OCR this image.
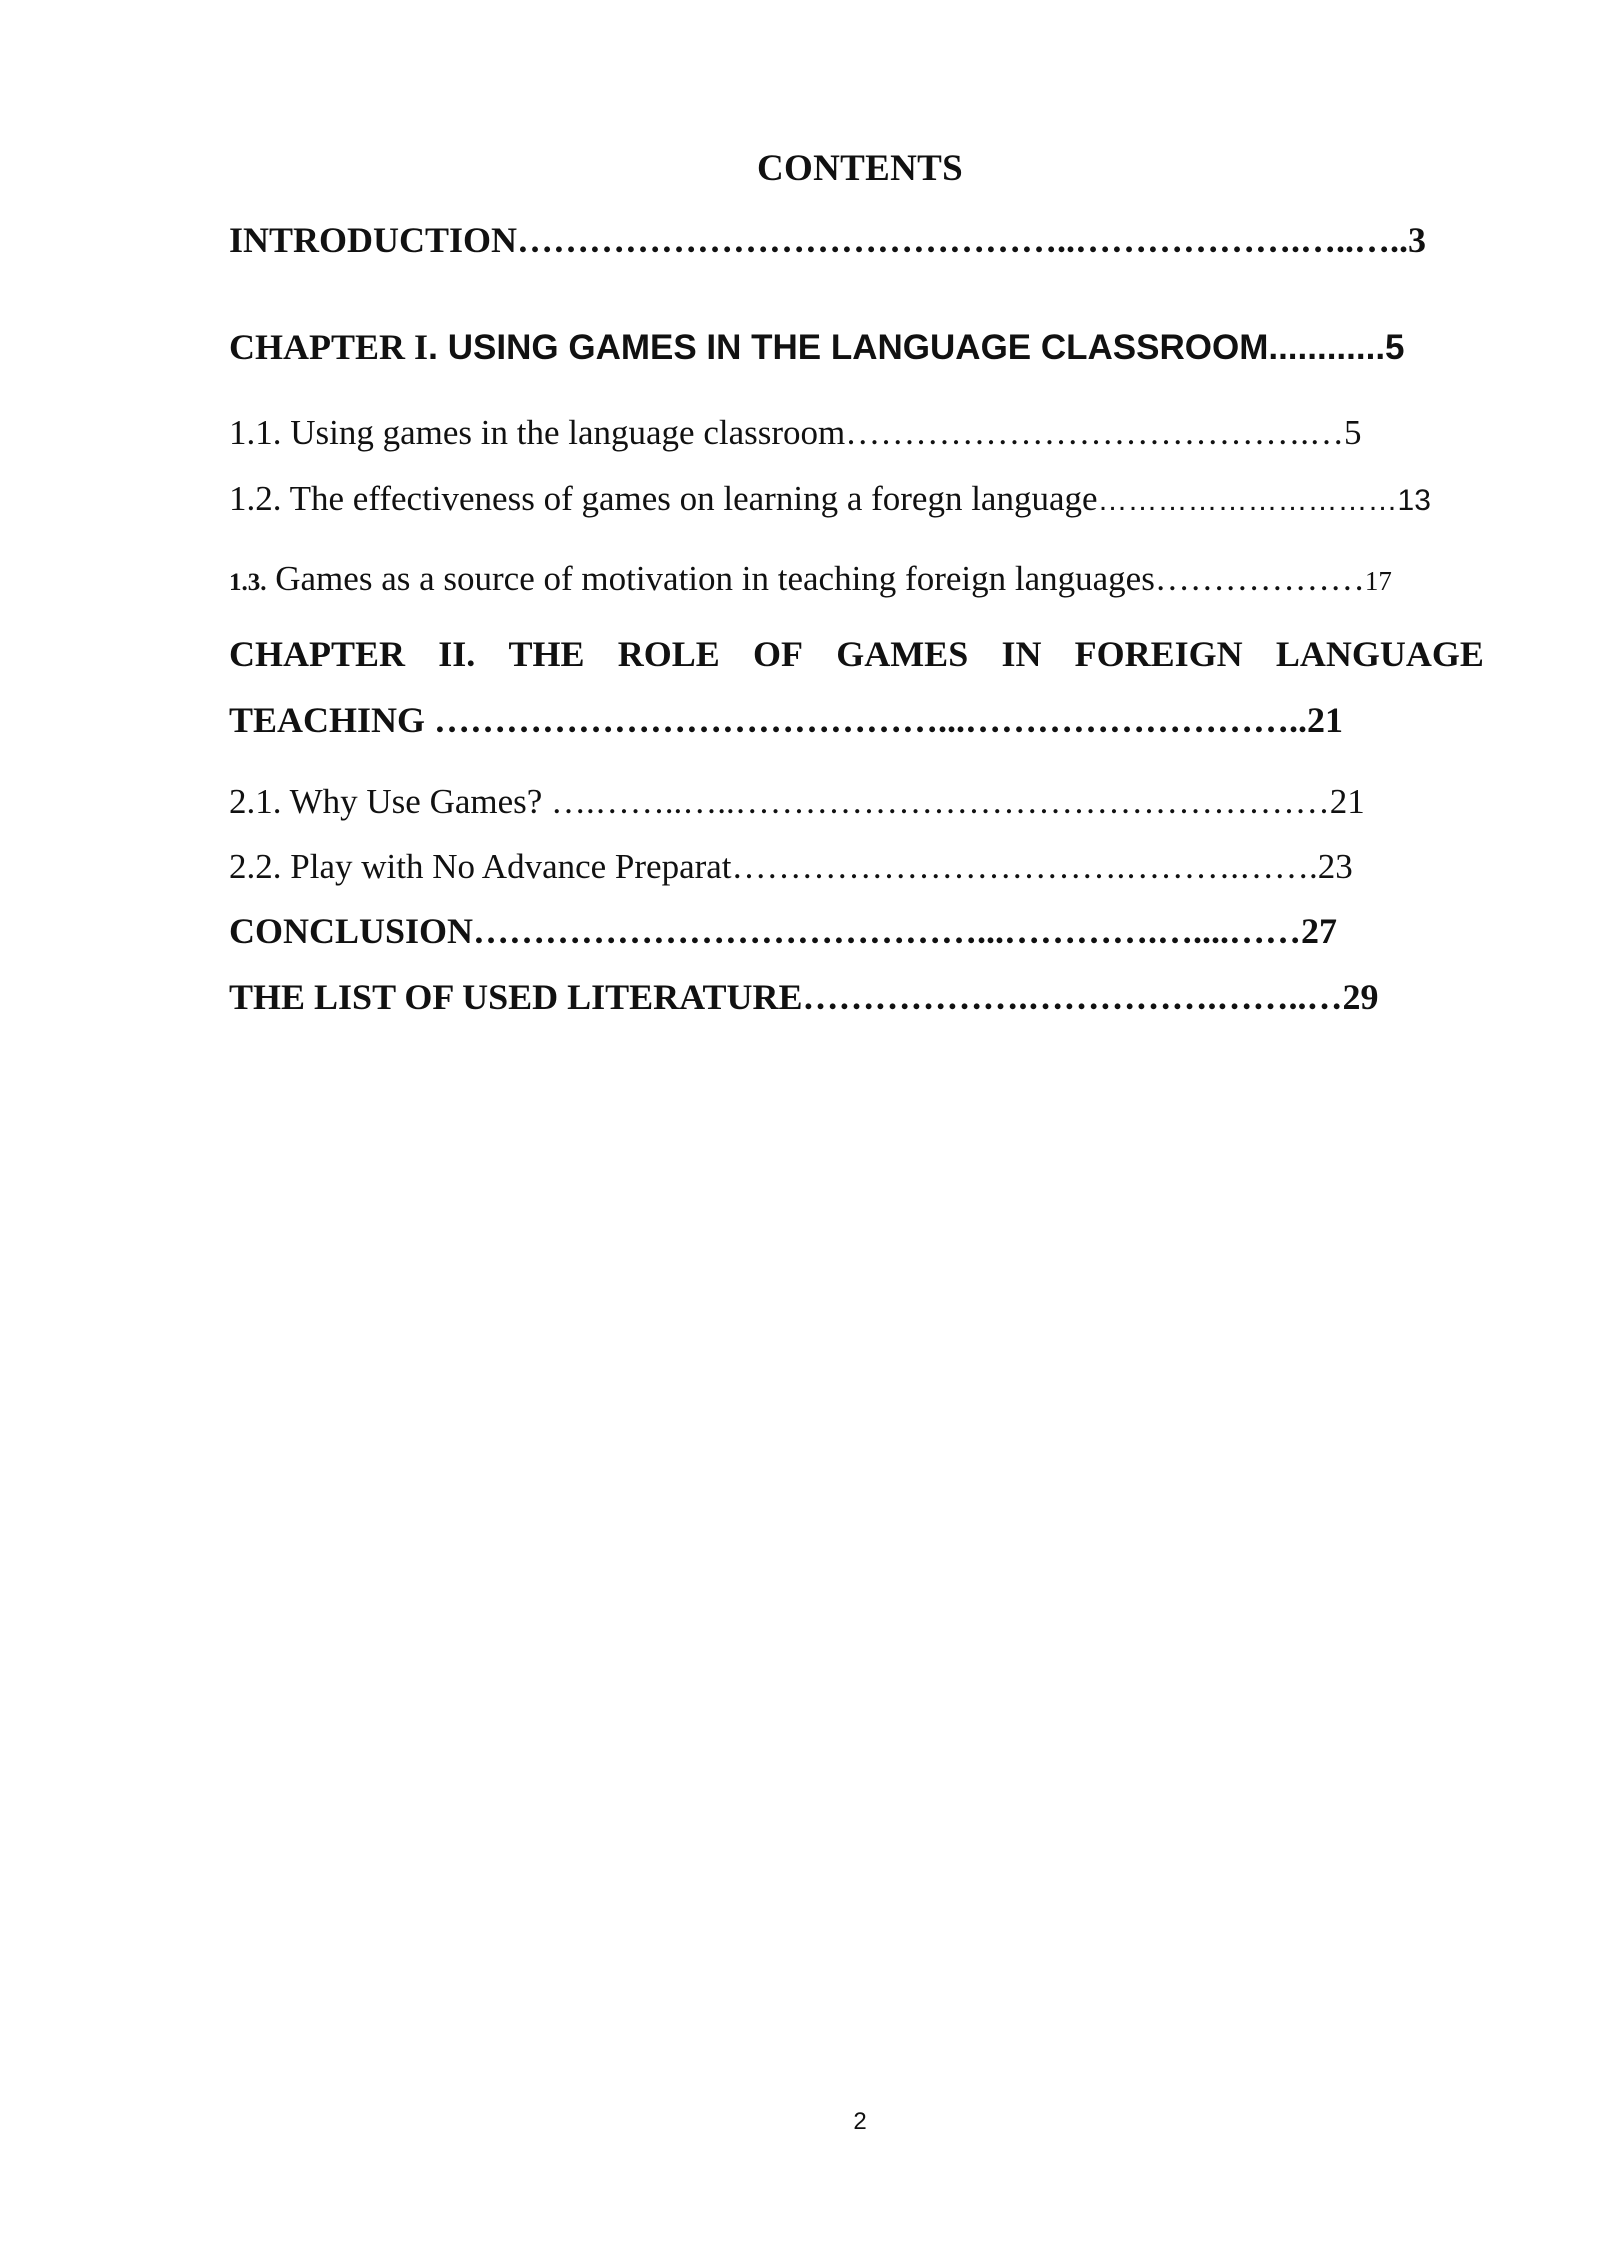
CONTENTS
INTRODUCTION………………………………………..……………….…..…..3
CHAPTER I. USING GAMES IN THE LANGUAGE CLASSROOM............5
1.1. Using games in the language classroom………………………………….…5
1.2. The effectiveness of games on learning a foregn language…………………………13
1.3. Games as a source of motivation in teaching foreign languages………………17
CHAPTER II. THE ROLE OF GAMES IN FOREIGN LANGUAGE
TEACHING ……………………………………...………………………..21
2.1. Why Use Games? ….……..…..……………………………………………21
2.2. Play with No Advance Preparat…………………………….……….…….23
CONCLUSION……………………………………...………….…....……27
THE LIST OF USED LITERATURE……………….…………….……..…29
2
